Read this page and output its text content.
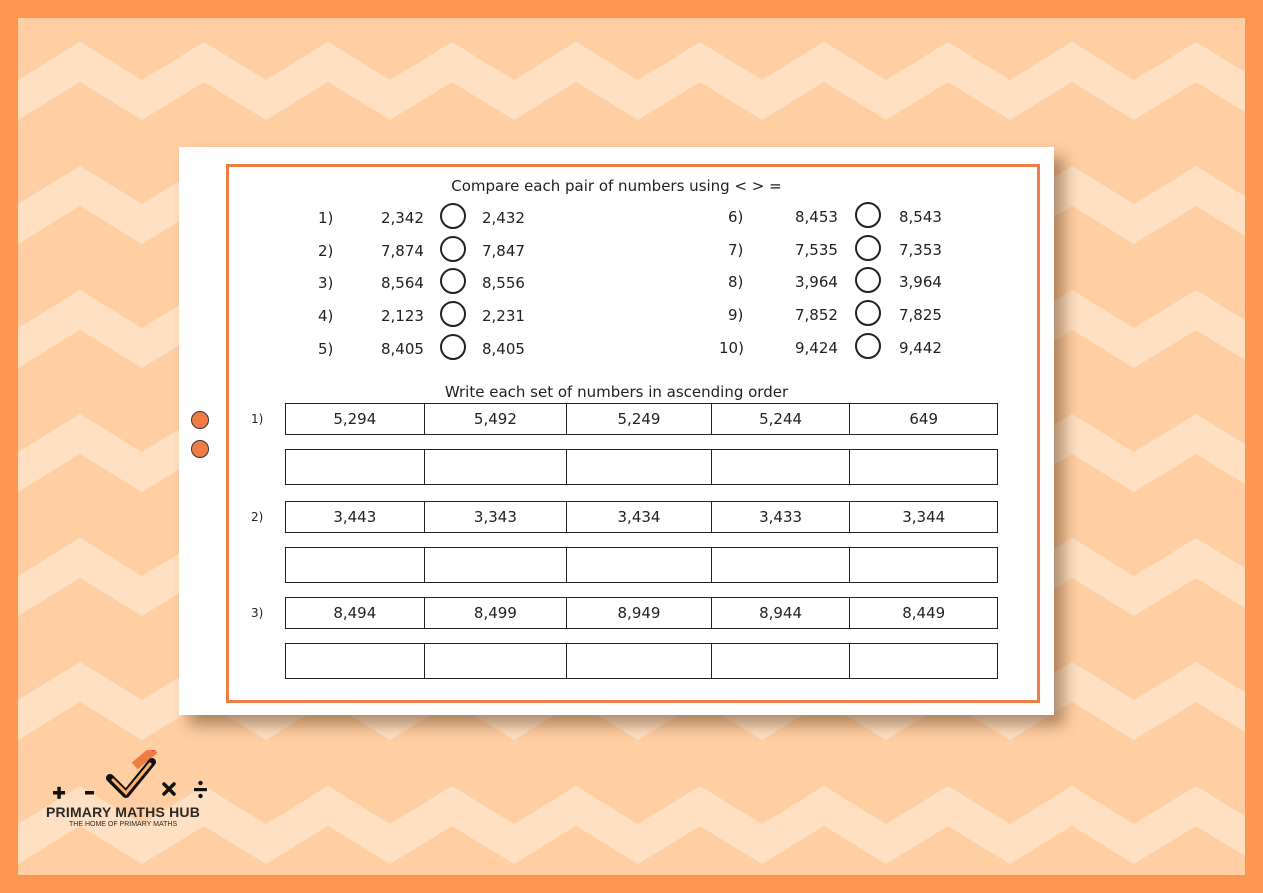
Compare each pair of numbers using < > =
1)	2,342	2,432
2)	7,874	7,847
3)	8,564	8,556
4)	2,123	2,231
5)	8,405	8,405
6)	8,453	8,543
7)	7,535	7,353
8)	3,964	3,964
9)	7,852	7,825
10)	9,424	9,442
Write each set of numbers in ascending order
1)	5,294	5,492	5,249	5,244	649
2)	3,443	3,343	3,434	3,433	3,344
3)	8,494	8,499	8,949	8,944	8,449
PRIMARY MATHS HUB
THE HOME OF PRIMARY MATHS
